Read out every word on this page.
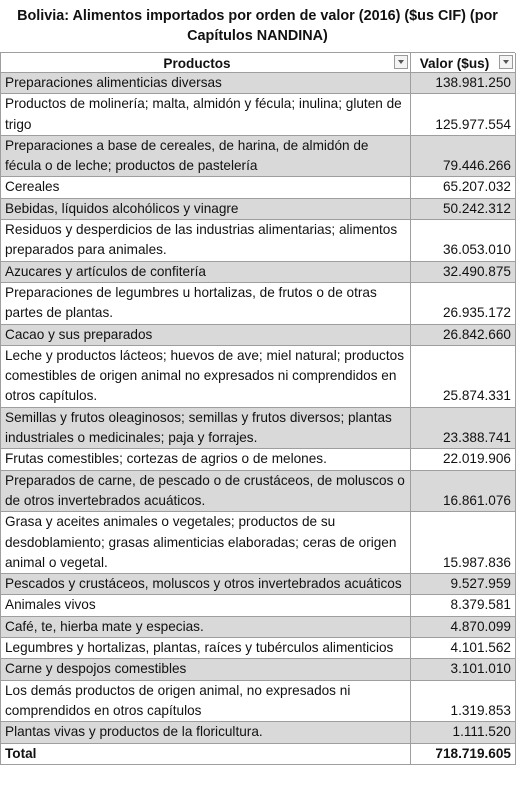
Bolivia: Alimentos importados por orden de valor (2016) ($us CIF) (por
Capítulos NANDINA)
Productos	Valor ($us)

Preparaciones alimenticias diversas	138.981.250
Productos de molinería; malta, almidón y fécula; inulina; gluten de trigo	125.977.554
Preparaciones a base de cereales, de harina, de almidón de fécula o de leche; productos de pastelería	79.446.266
Cereales	65.207.032
Bebidas, líquidos alcohólicos y vinagre	50.242.312
Residuos y desperdicios de las industrias alimentarias; alimentos preparados para animales.	36.053.010
Azucares y artículos de confitería	32.490.875
Preparaciones de legumbres u hortalizas, de frutos o de otras partes de plantas.	26.935.172
Cacao y sus preparados	26.842.660
Leche y productos lácteos; huevos de ave; miel natural; productos comestibles de origen animal no expresados ni comprendidos en otros capítulos.	25.874.331
Semillas y frutos oleaginosos; semillas y frutos diversos; plantas industriales o medicinales; paja y forrajes.	23.388.741
Frutas comestibles; cortezas de agrios o de melones.	22.019.906
Preparados de carne, de pescado o de crustáceos, de moluscos o de otros invertebrados acuáticos.	16.861.076
Grasa y aceites animales o vegetales; productos de su desdoblamiento; grasas alimenticias elaboradas; ceras de origen animal o vegetal.	15.987.836
Pescados y crustáceos, moluscos y otros invertebrados acuáticos	9.527.959
Animales vivos	8.379.581
Café, te, hierba mate y especias.	4.870.099
Legumbres y hortalizas, plantas, raíces y tubérculos alimenticios	4.101.562
Carne y despojos comestibles	3.101.010
Los demás productos de origen animal, no expresados ni comprendidos en otros capítulos	1.319.853
Plantas vivas y productos de la floricultura.	1.111.520
Total	718.719.605
